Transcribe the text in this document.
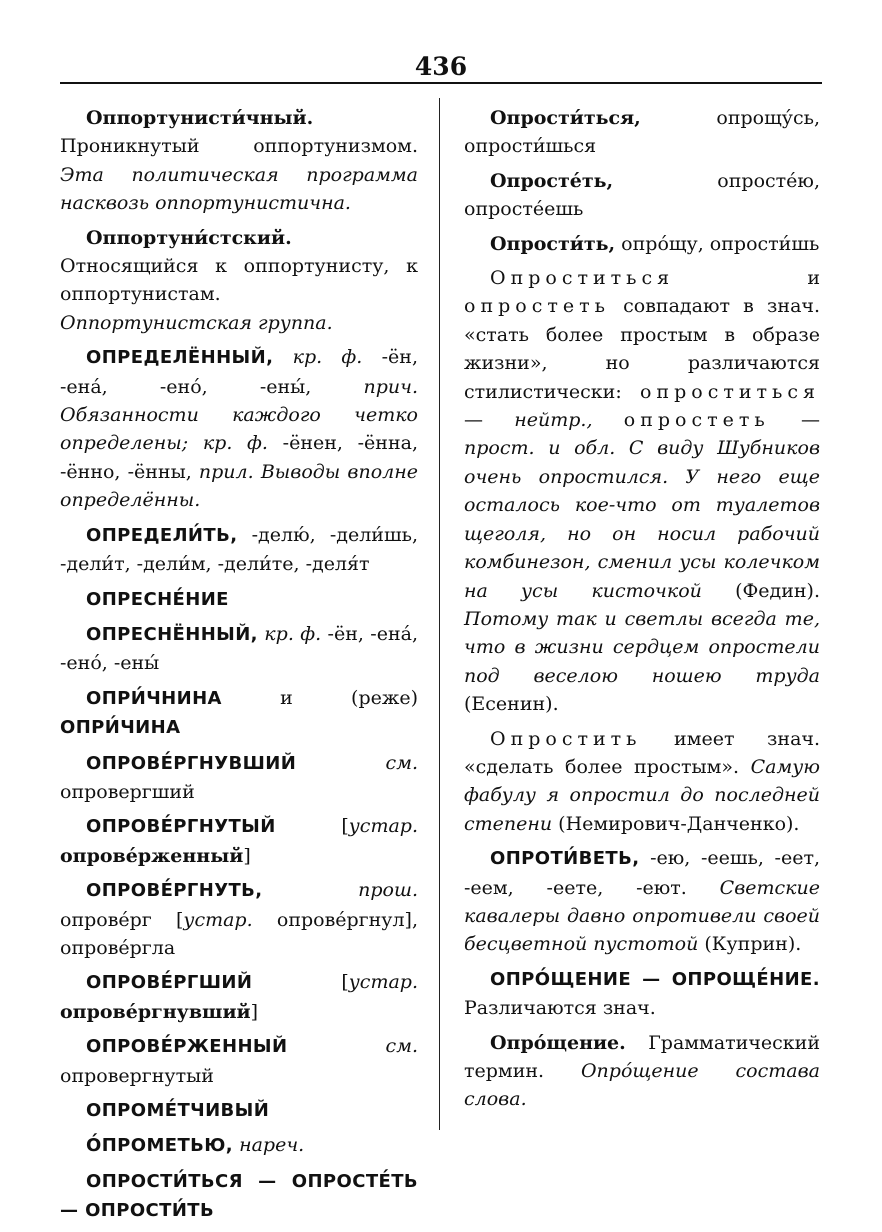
436

Оппортунисти́чный. Проникнутый оппортунизмом. Эта политическая программа насквозь оппортунистична.

Оппортуни́стский. Относящийся к оппортунисту, к оппортунистам. Оппортунистская группа.

ОПРЕДЕЛЁННЫЙ, кр. ф. -ён, -ена́, -ено́, -ены́, прич. Обязанности каждого четко определены; кр. ф. -ёнен, -ённа, -ённо, -ённы, прил. Выводы вполне определённы.

ОПРЕДЕЛИ́ТЬ, -делю́, -дели́шь, -дели́т, -дели́м, -дели́те, -деля́т

ОПРЕСНЕ́НИЕ

ОПРЕСНЁННЫЙ, кр. ф. -ён, -ена́, -ено́, -ены́

ОПРИ́ЧНИНА и (реже) ОПРИ́ЧИНА

ОПРОВЕ́РГНУВШИЙ см. опровергший

ОПРОВЕ́РГНУТЫЙ [устар. опрове́рженный]

ОПРОВЕ́РГНУТЬ, прош. опрове́рг [устар. опрове́ргнул], опрове́ргла

ОПРОВЕ́РГШИЙ [устар. опрове́ргнувший]

ОПРОВЕ́РЖЕННЫЙ см. опровергнутый

ОПРОМЕ́ТЧИВЫЙ

О́ПРОМЕТЬЮ, нареч.

ОПРОСТИ́ТЬСЯ — ОПРОСТЕ́ТЬ — ОПРОСТИ́ТЬ

Опрости́ться, опрощу́сь, опрости́шься

Опросте́ть, опросте́ю, опросте́ешь

Опрости́ть, опро́щу, опрости́шь

Опроститься и опростеть совпадают в знач. «стать более простым в образе жизни», но различаются стилистически: опроститься — нейтр., опростеть — прост. и обл. С виду Шубников очень опростился. У него еще осталось кое-что от туалетов щеголя, но он носил рабочий комбинезон, сменил усы колечком на усы кисточкой (Федин). Потому так и светлы всегда те, что в жизни сердцем опростели под веселою ношею труда (Есенин).

Опростить имеет знач. «сделать более простым». Самую фабулу я опростил до последней степени (Немирович-Данченко).

ОПРОТИ́ВЕТЬ, -ею, -еешь, -еет, -еем, -еете, -еют. Светские кавалеры давно опротивели своей бесцветной пустотой (Куприн).

ОПРО́ЩЕНИЕ — ОПРОЩЕ́НИЕ. Различаются знач.

Опро́щение. Грамматический термин. Опро́щение состава слова.
